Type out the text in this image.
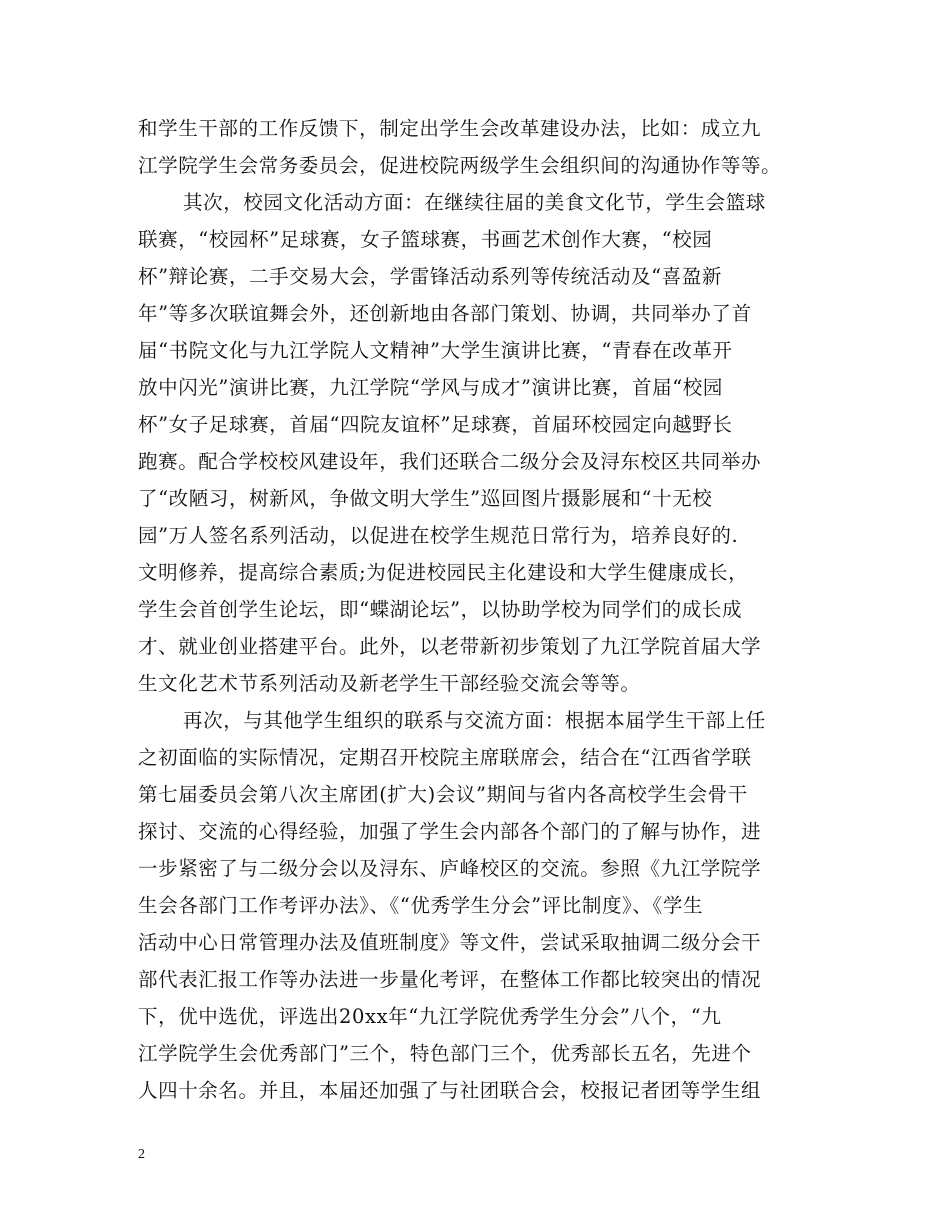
和学生干部的工作反馈下，制定出学生会改革建设办法，比如：成立九
江学院学生会常务委员会，促进校院两级学生会组织间的沟通协作等等。
其次，校园文化活动方面：在继续往届的美食文化节，学生会篮球
联赛，“校园杯”足球赛，女子篮球赛，书画艺术创作大赛，“校园
杯”辩论赛，二手交易大会，学雷锋活动系列等传统活动及“喜盈新
年”等多次联谊舞会外，还创新地由各部门策划、协调，共同举办了首
届“书院文化与九江学院人文精神”大学生演讲比赛，“青春在改革开
放中闪光”演讲比赛，九江学院“学风与成才”演讲比赛，首届“校园
杯”女子足球赛，首届“四院友谊杯”足球赛，首届环校园定向越野长
跑赛。配合学校校风建设年，我们还联合二级分会及浔东校区共同举办
了“改陋习，树新风，争做文明大学生”巡回图片摄影展和“十无校
园”万人签名系列活动，以促进在校学生规范日常行为，培养良好的.
文明修养，提高综合素质;为促进校园民主化建设和大学生健康成长，
学生会首创学生论坛，即“蝶湖论坛”，以协助学校为同学们的成长成
才、就业创业搭建平台。此外，以老带新初步策划了九江学院首届大学
生文化艺术节系列活动及新老学生干部经验交流会等等。
再次，与其他学生组织的联系与交流方面：根据本届学生干部上任
之初面临的实际情况，定期召开校院主席联席会，结合在“江西省学联
第七届委员会第八次主席团(扩大)会议”期间与省内各高校学生会骨干
探讨、交流的心得经验，加强了学生会内部各个部门的了解与协作，进
一步紧密了与二级分会以及浔东、庐峰校区的交流。参照《九江学院学
生会各部门工作考评办法》、《“优秀学生分会”评比制度》、《学生
活动中心日常管理办法及值班制度》等文件，尝试采取抽调二级分会干
部代表汇报工作等办法进一步量化考评，在整体工作都比较突出的情况
下，优中选优，评选出20xx年“九江学院优秀学生分会”八个，“九
江学院学生会优秀部门”三个，特色部门三个，优秀部长五名，先进个
人四十余名。并且，本届还加强了与社团联合会，校报记者团等学生组
2
